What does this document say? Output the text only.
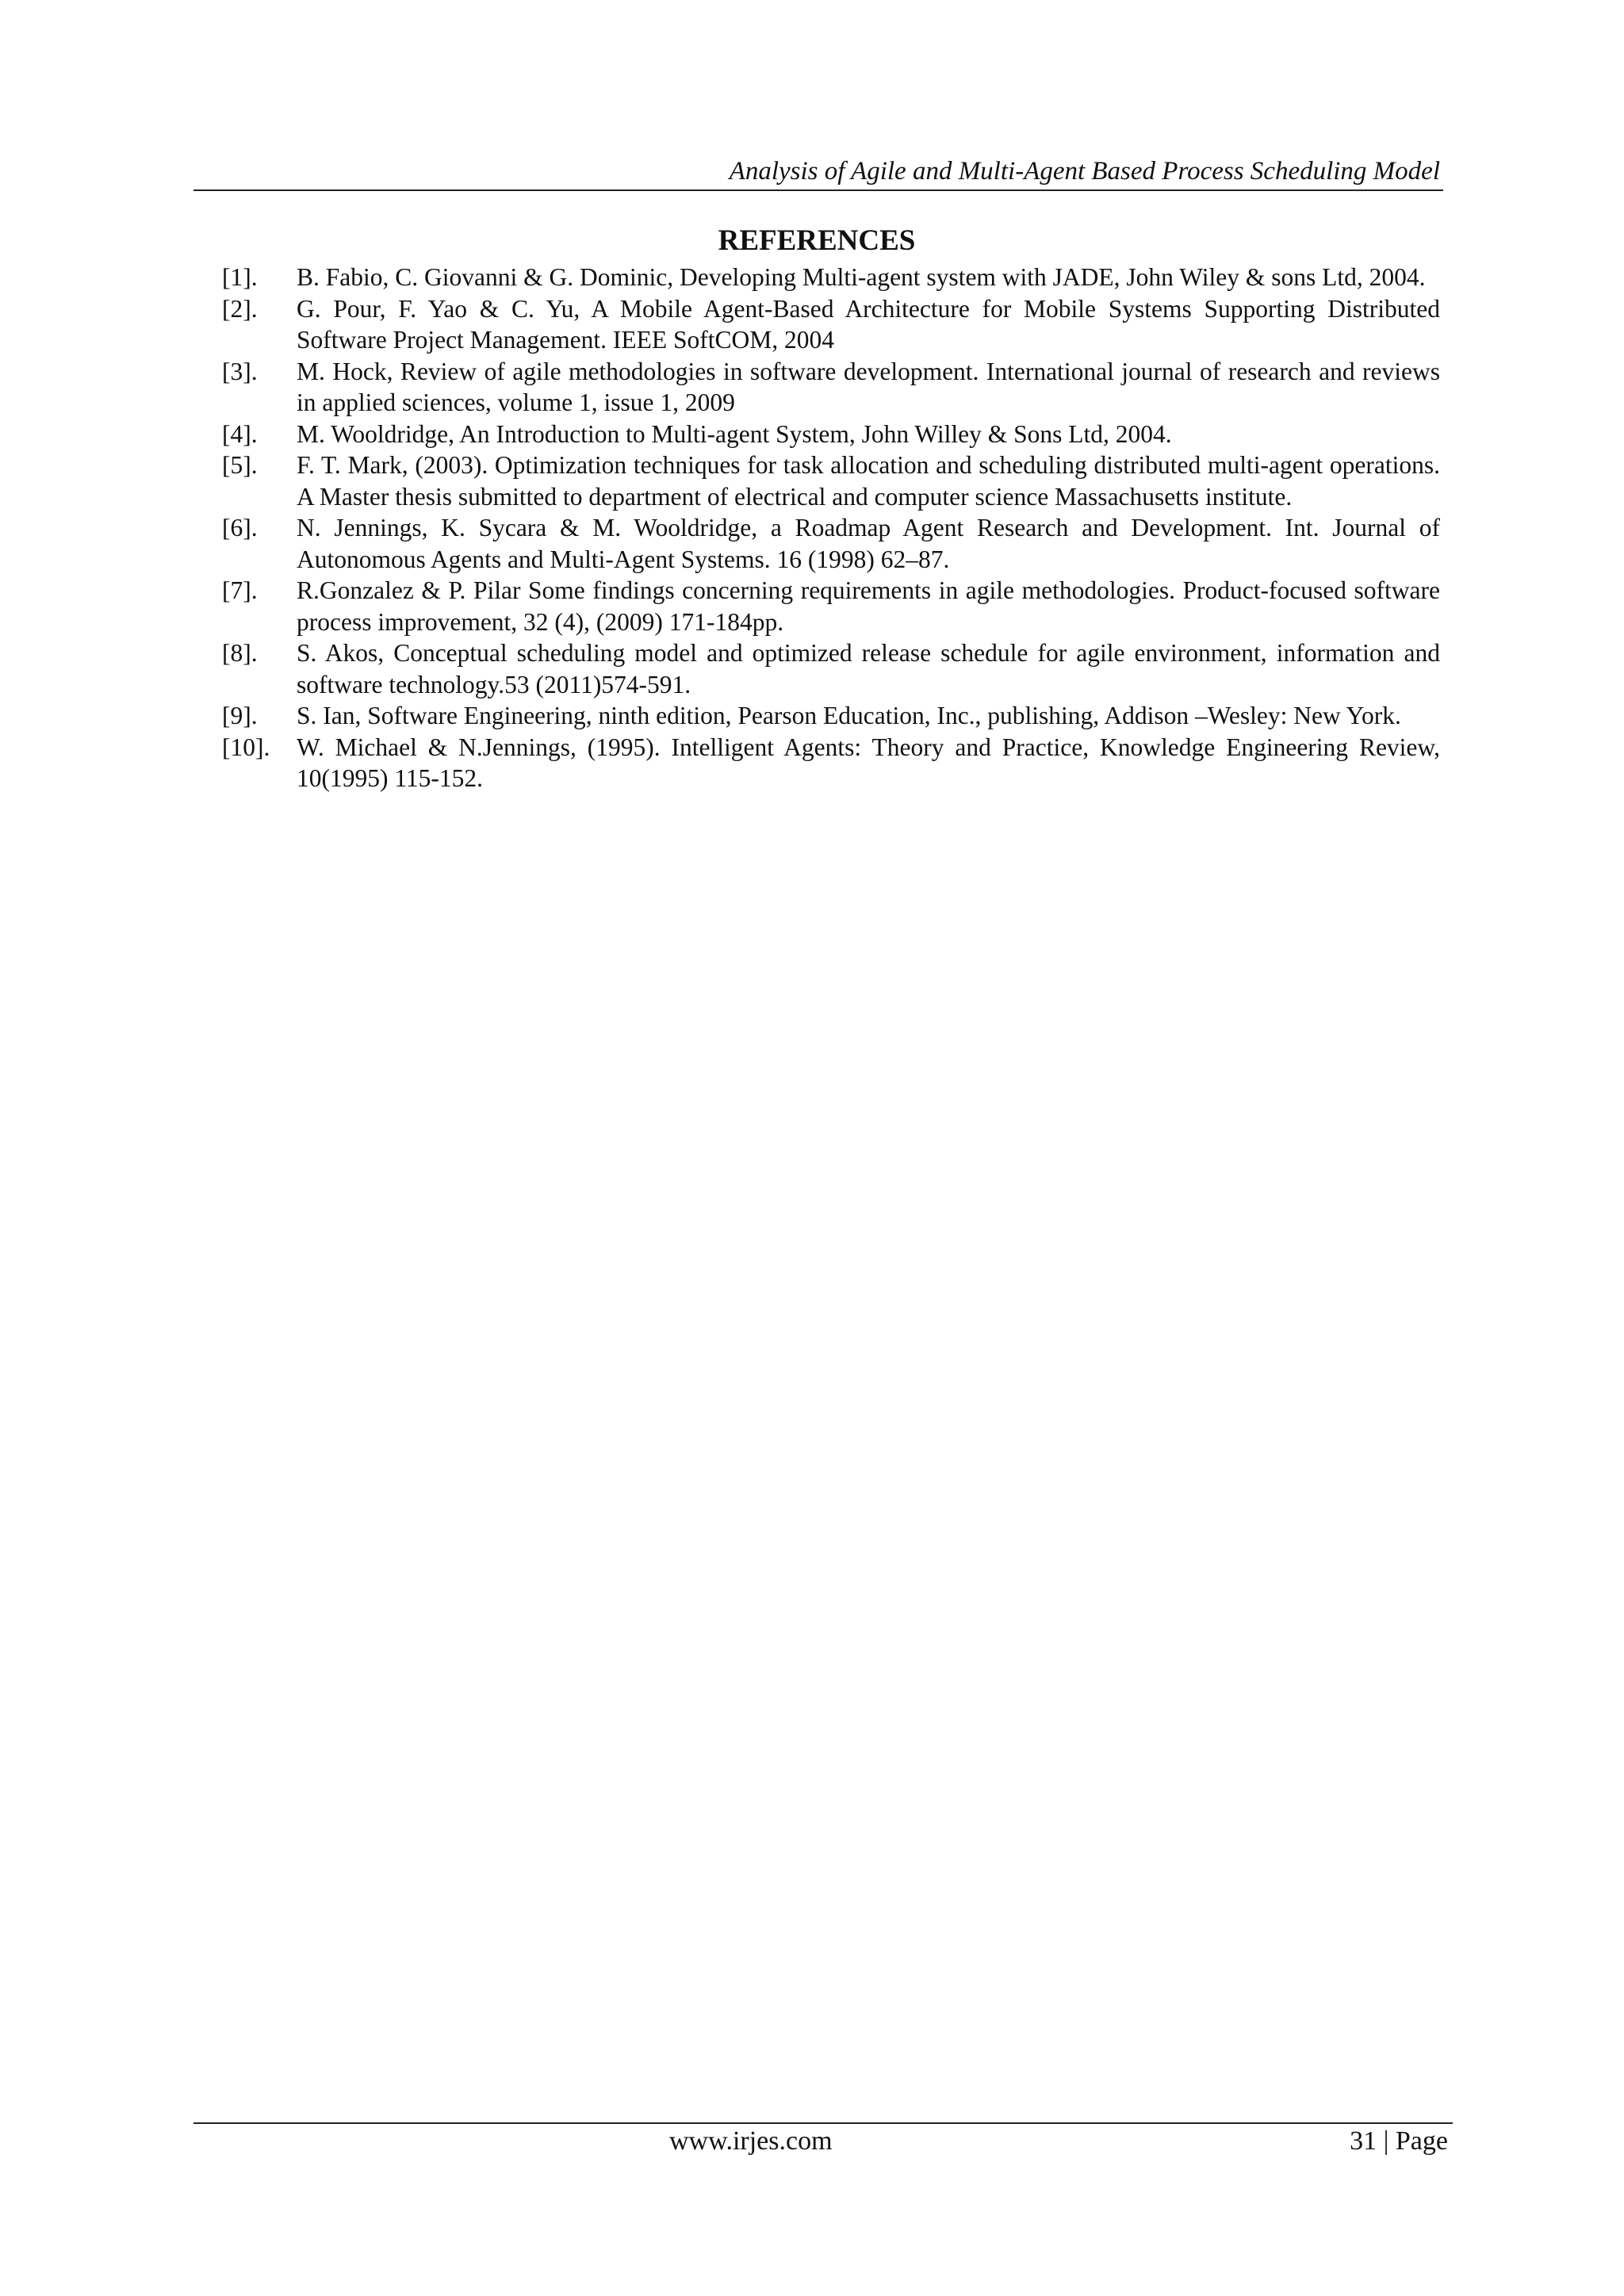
Analysis of Agile and Multi-Agent Based Process Scheduling Model
REFERENCES
[1].	B. Fabio, C. Giovanni & G. Dominic, Developing Multi-agent system with JADE, John Wiley & sons Ltd, 2004.
[2].	G. Pour, F. Yao & C. Yu, A Mobile Agent-Based Architecture for Mobile Systems Supporting Distributed Software Project Management. IEEE SoftCOM, 2004
[3].	M. Hock, Review of agile methodologies in software development. International journal of research and reviews in applied sciences, volume 1, issue 1, 2009
[4].	M. Wooldridge, An Introduction to Multi-agent System, John Willey & Sons Ltd, 2004.
[5].	F. T. Mark, (2003). Optimization techniques for task allocation and scheduling distributed multi-agent operations. A Master thesis submitted to department of electrical and computer science Massachusetts institute.
[6].	N. Jennings, K. Sycara & M. Wooldridge, a Roadmap Agent Research and Development. Int. Journal of Autonomous Agents and Multi-Agent Systems. 16 (1998) 62–87.
[7].	R.Gonzalez & P. Pilar Some findings concerning requirements in agile methodologies. Product-focused software process improvement, 32 (4), (2009) 171-184pp.
[8].	S. Akos, Conceptual scheduling model and optimized release schedule for agile environment, information and software technology.53 (2011)574-591.
[9].	S. Ian, Software Engineering, ninth edition, Pearson Education, Inc., publishing, Addison –Wesley: New York.
[10].	W. Michael & N.Jennings, (1995). Intelligent Agents: Theory and Practice, Knowledge Engineering Review, 10(1995) 115-152.
www.irjes.com	31 | Page
